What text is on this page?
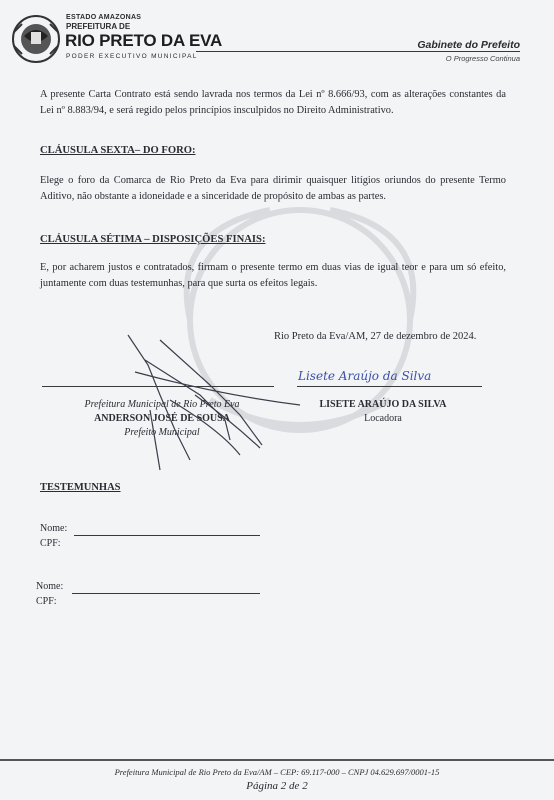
ESTADO AMAZONAS
PREFEITURA DE
RIO PRETO DA EVA
PODER EXECUTIVO MUNICIPAL
Gabinete do Prefeito
O Progresso Continua
A presente Carta Contrato está sendo lavrada nos termos da Lei nº 8.666/93, com as alterações constantes da Lei nº 8.883/94, e será regido pelos princípios insculpidos no Direito Administrativo.
CLÁUSULA SEXTA– DO FORO:
Elege o foro da Comarca de Rio Preto da Eva para dirimir quaisquer litígios oriundos do presente Termo Aditivo, não obstante a idoneidade e a sinceridade de propósito de ambas as partes.
CLÁUSULA SÉTIMA – DISPOSIÇÕES FINAIS:
E, por acharem justos e contratados, firmam o presente termo em duas vias de igual teor e para um só efeito, juntamente com duas testemunhas, para que surta os efeitos legais.
Rio Preto da Eva/AM, 27 de dezembro de 2024.
Lisete Araújo da Silva
Prefeitura Municipal de Rio Preto Eva
ANDERSON JOSÉ DE SOUSA
Prefeito Municipal
LISETE ARAÚJO DA SILVA
Locadora
TESTEMUNHAS
Nome:
CPF:
Nome:
CPF:
Prefeitura Municipal de Rio Preto da Eva/AM – CEP: 69.117-000 – CNPJ 04.629.697/0001-15
Página 2 de 2
